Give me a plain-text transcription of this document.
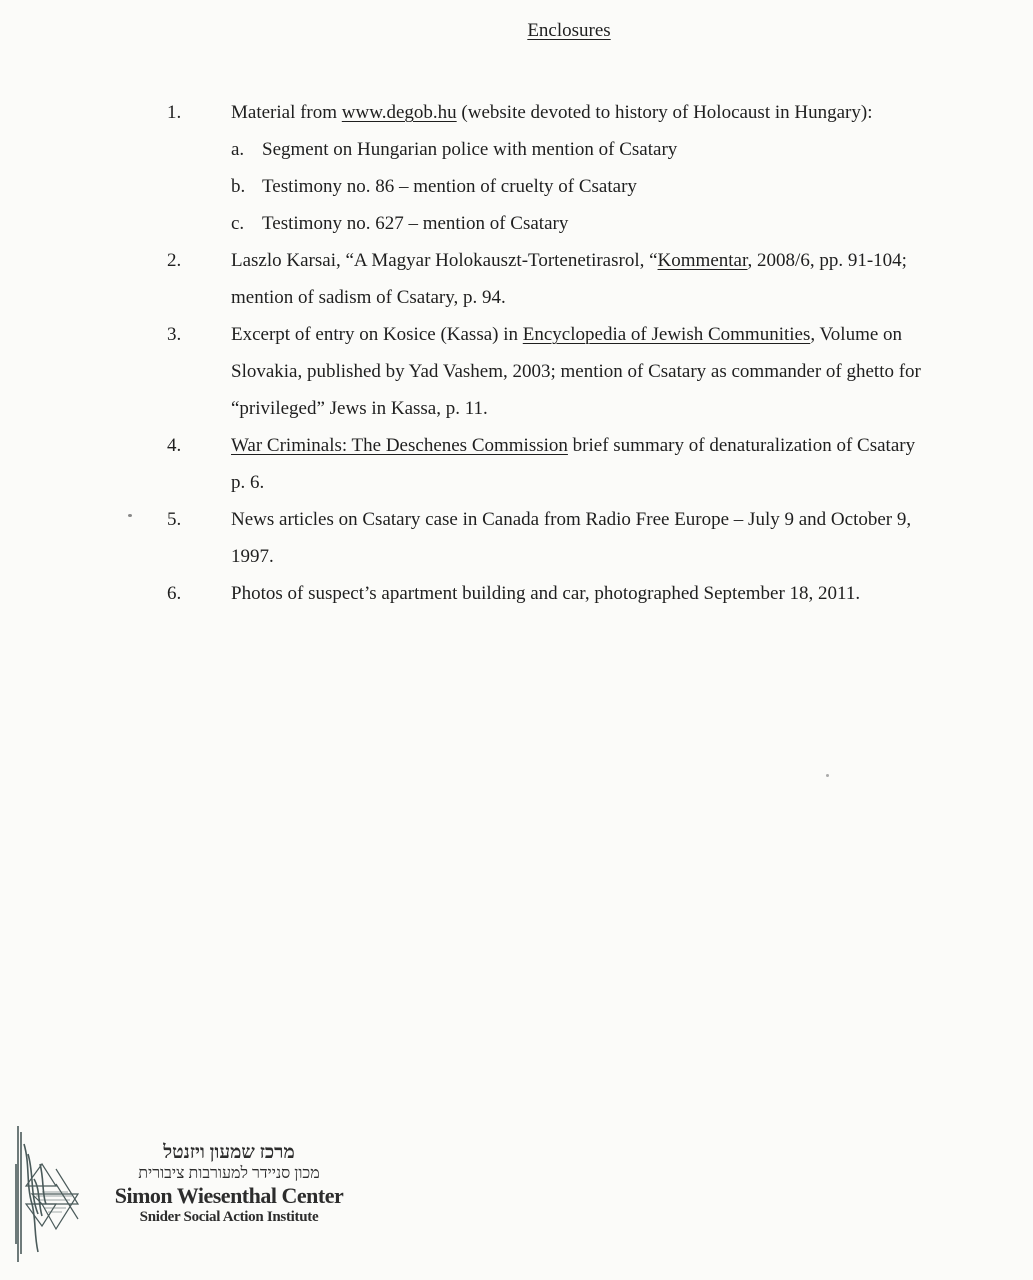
Enclosures
1.	Material from www.degob.hu (website devoted to history of Holocaust in Hungary):
a. Segment on Hungarian police with mention of Csatary
b. Testimony no. 86 – mention of cruelty of Csatary
c. Testimony no. 627 – mention of Csatary
2.	Laszlo Karsai, “A Magyar Holokauszt-Tortenetirasrol, “Kommentar, 2008/6, pp. 91-104;
mention of sadism of Csatary, p. 94.
3.	Excerpt of entry on Kosice (Kassa) in Encyclopedia of Jewish Communities, Volume on
Slovakia, published by Yad Vashem, 2003; mention of Csatary as commander of ghetto for
“privileged” Jews in Kassa, p. 11.
4.	War Criminals: The Deschenes Commission brief summary of denaturalization of Csatary
p. 6.
5.	News articles on Csatary case in Canada from Radio Free Europe – July 9 and October 9,
1997.
6.	Photos of suspect’s apartment building and car, photographed September 18, 2011.
מרכז שמעון ויזנטל
מכון סניידר למעורבות ציבורית
Simon Wiesenthal Center
Snider Social Action Institute
